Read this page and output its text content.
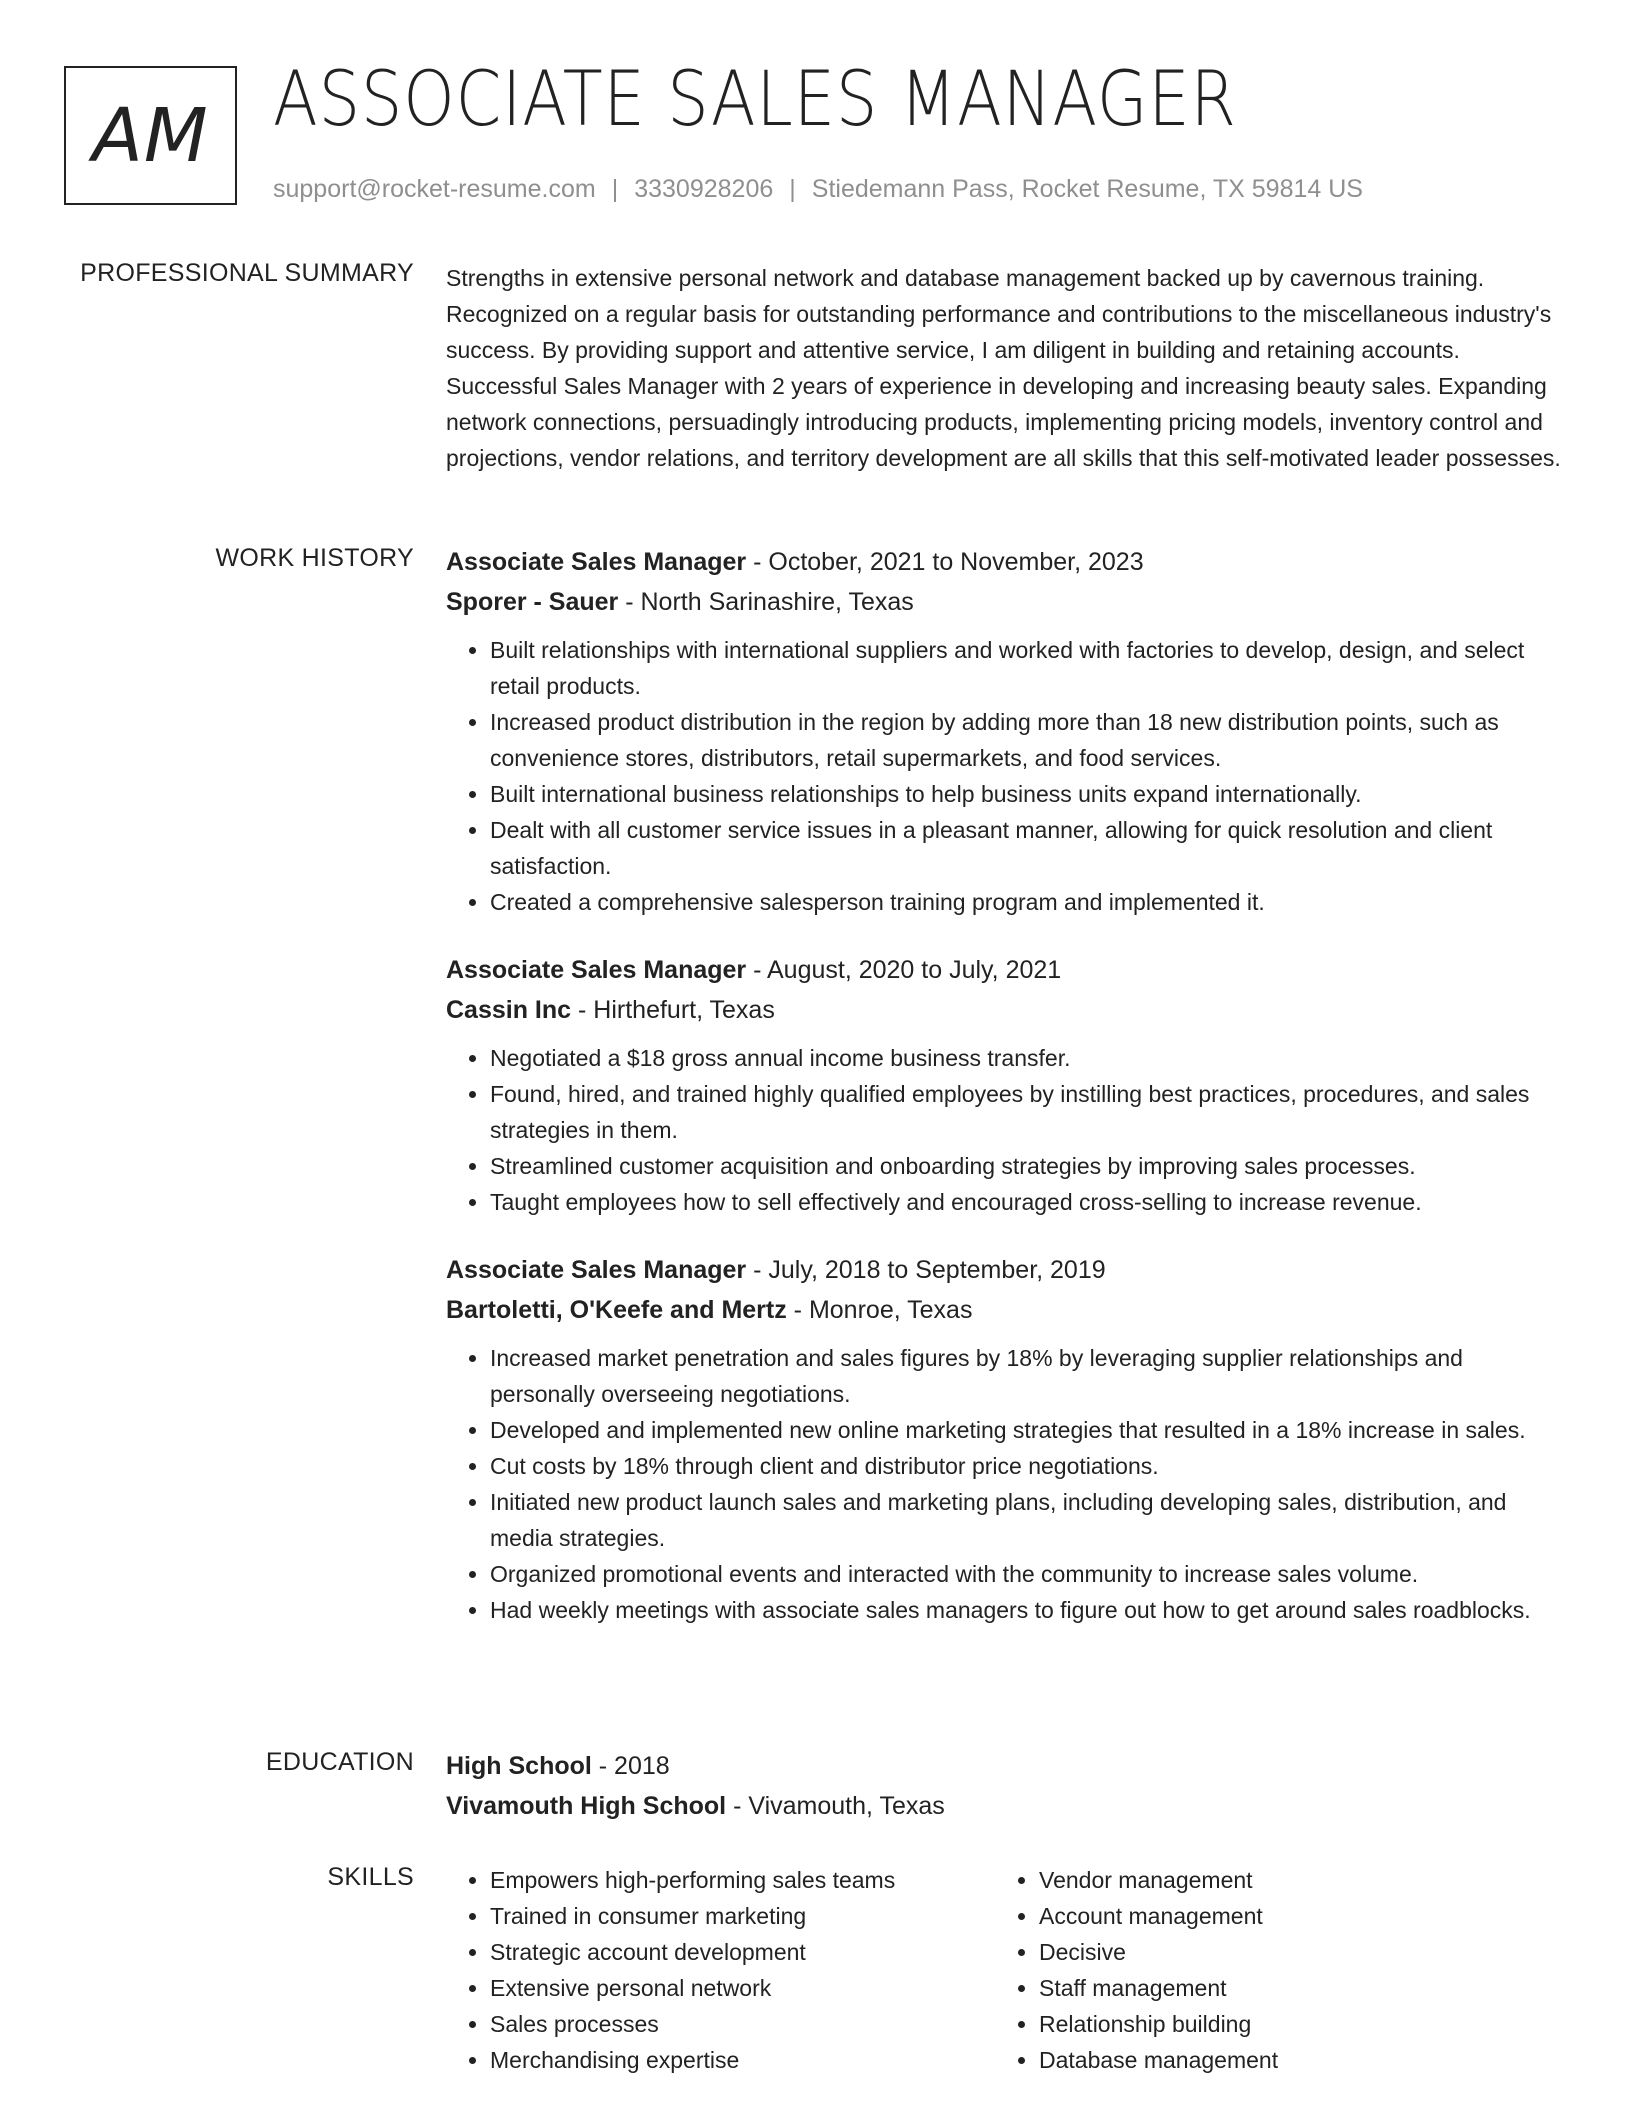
AM ASSOCIATE SALES MANAGER
support@rocket-resume.com | 3330928206 | Stiedemann Pass, Rocket Resume, TX 59814 US
PROFESSIONAL SUMMARY Strengths in extensive personal network and database management backed up by cavernous training. Recognized on a regular basis for outstanding performance and contributions to the miscellaneous industry's success. By providing support and attentive service, I am diligent in building and retaining accounts. Successful Sales Manager with 2 years of experience in developing and increasing beauty sales. Expanding network connections, persuadingly introducing products, implementing pricing models, inventory control and projections, vendor relations, and territory development are all skills that this self-motivated leader possesses.

WORK HISTORY Associate Sales Manager - October, 2021 to November, 2023
Sporer - Sauer - North Sarinashire, Texas
• Built relationships with international suppliers and worked with factories to develop, design, and select retail products.
• Increased product distribution in the region by adding more than 18 new distribution points, such as convenience stores, distributors, retail supermarkets, and food services.
• Built international business relationships to help business units expand internationally.
• Dealt with all customer service issues in a pleasant manner, allowing for quick resolution and client satisfaction.
• Created a comprehensive salesperson training program and implemented it.
Associate Sales Manager - August, 2020 to July, 2021
Cassin Inc - Hirthefurt, Texas
• Negotiated a $18 gross annual income business transfer.
• Found, hired, and trained highly qualified employees by instilling best practices, procedures, and sales strategies in them.
• Streamlined customer acquisition and onboarding strategies by improving sales processes.
• Taught employees how to sell effectively and encouraged cross-selling to increase revenue.
Associate Sales Manager - July, 2018 to September, 2019
Bartoletti, O'Keefe and Mertz - Monroe, Texas
• Increased market penetration and sales figures by 18% by leveraging supplier relationships and personally overseeing negotiations.
• Developed and implemented new online marketing strategies that resulted in a 18% increase in sales.
• Cut costs by 18% through client and distributor price negotiations.
• Initiated new product launch sales and marketing plans, including developing sales, distribution, and media strategies.
• Organized promotional events and interacted with the community to increase sales volume.
• Had weekly meetings with associate sales managers to figure out how to get around sales roadblocks.
EDUCATION High School - 2018
Vivamouth High School - Vivamouth, Texas
SKILLS
•	Empowers high-performing sales teams
• Trained in consumer marketing
• Strategic account development
• Extensive personal network
• Sales processes
• Merchandising expertise
• Vendor management
• Account management
• Decisive
• Staff management
• Relationship building
• Database management
